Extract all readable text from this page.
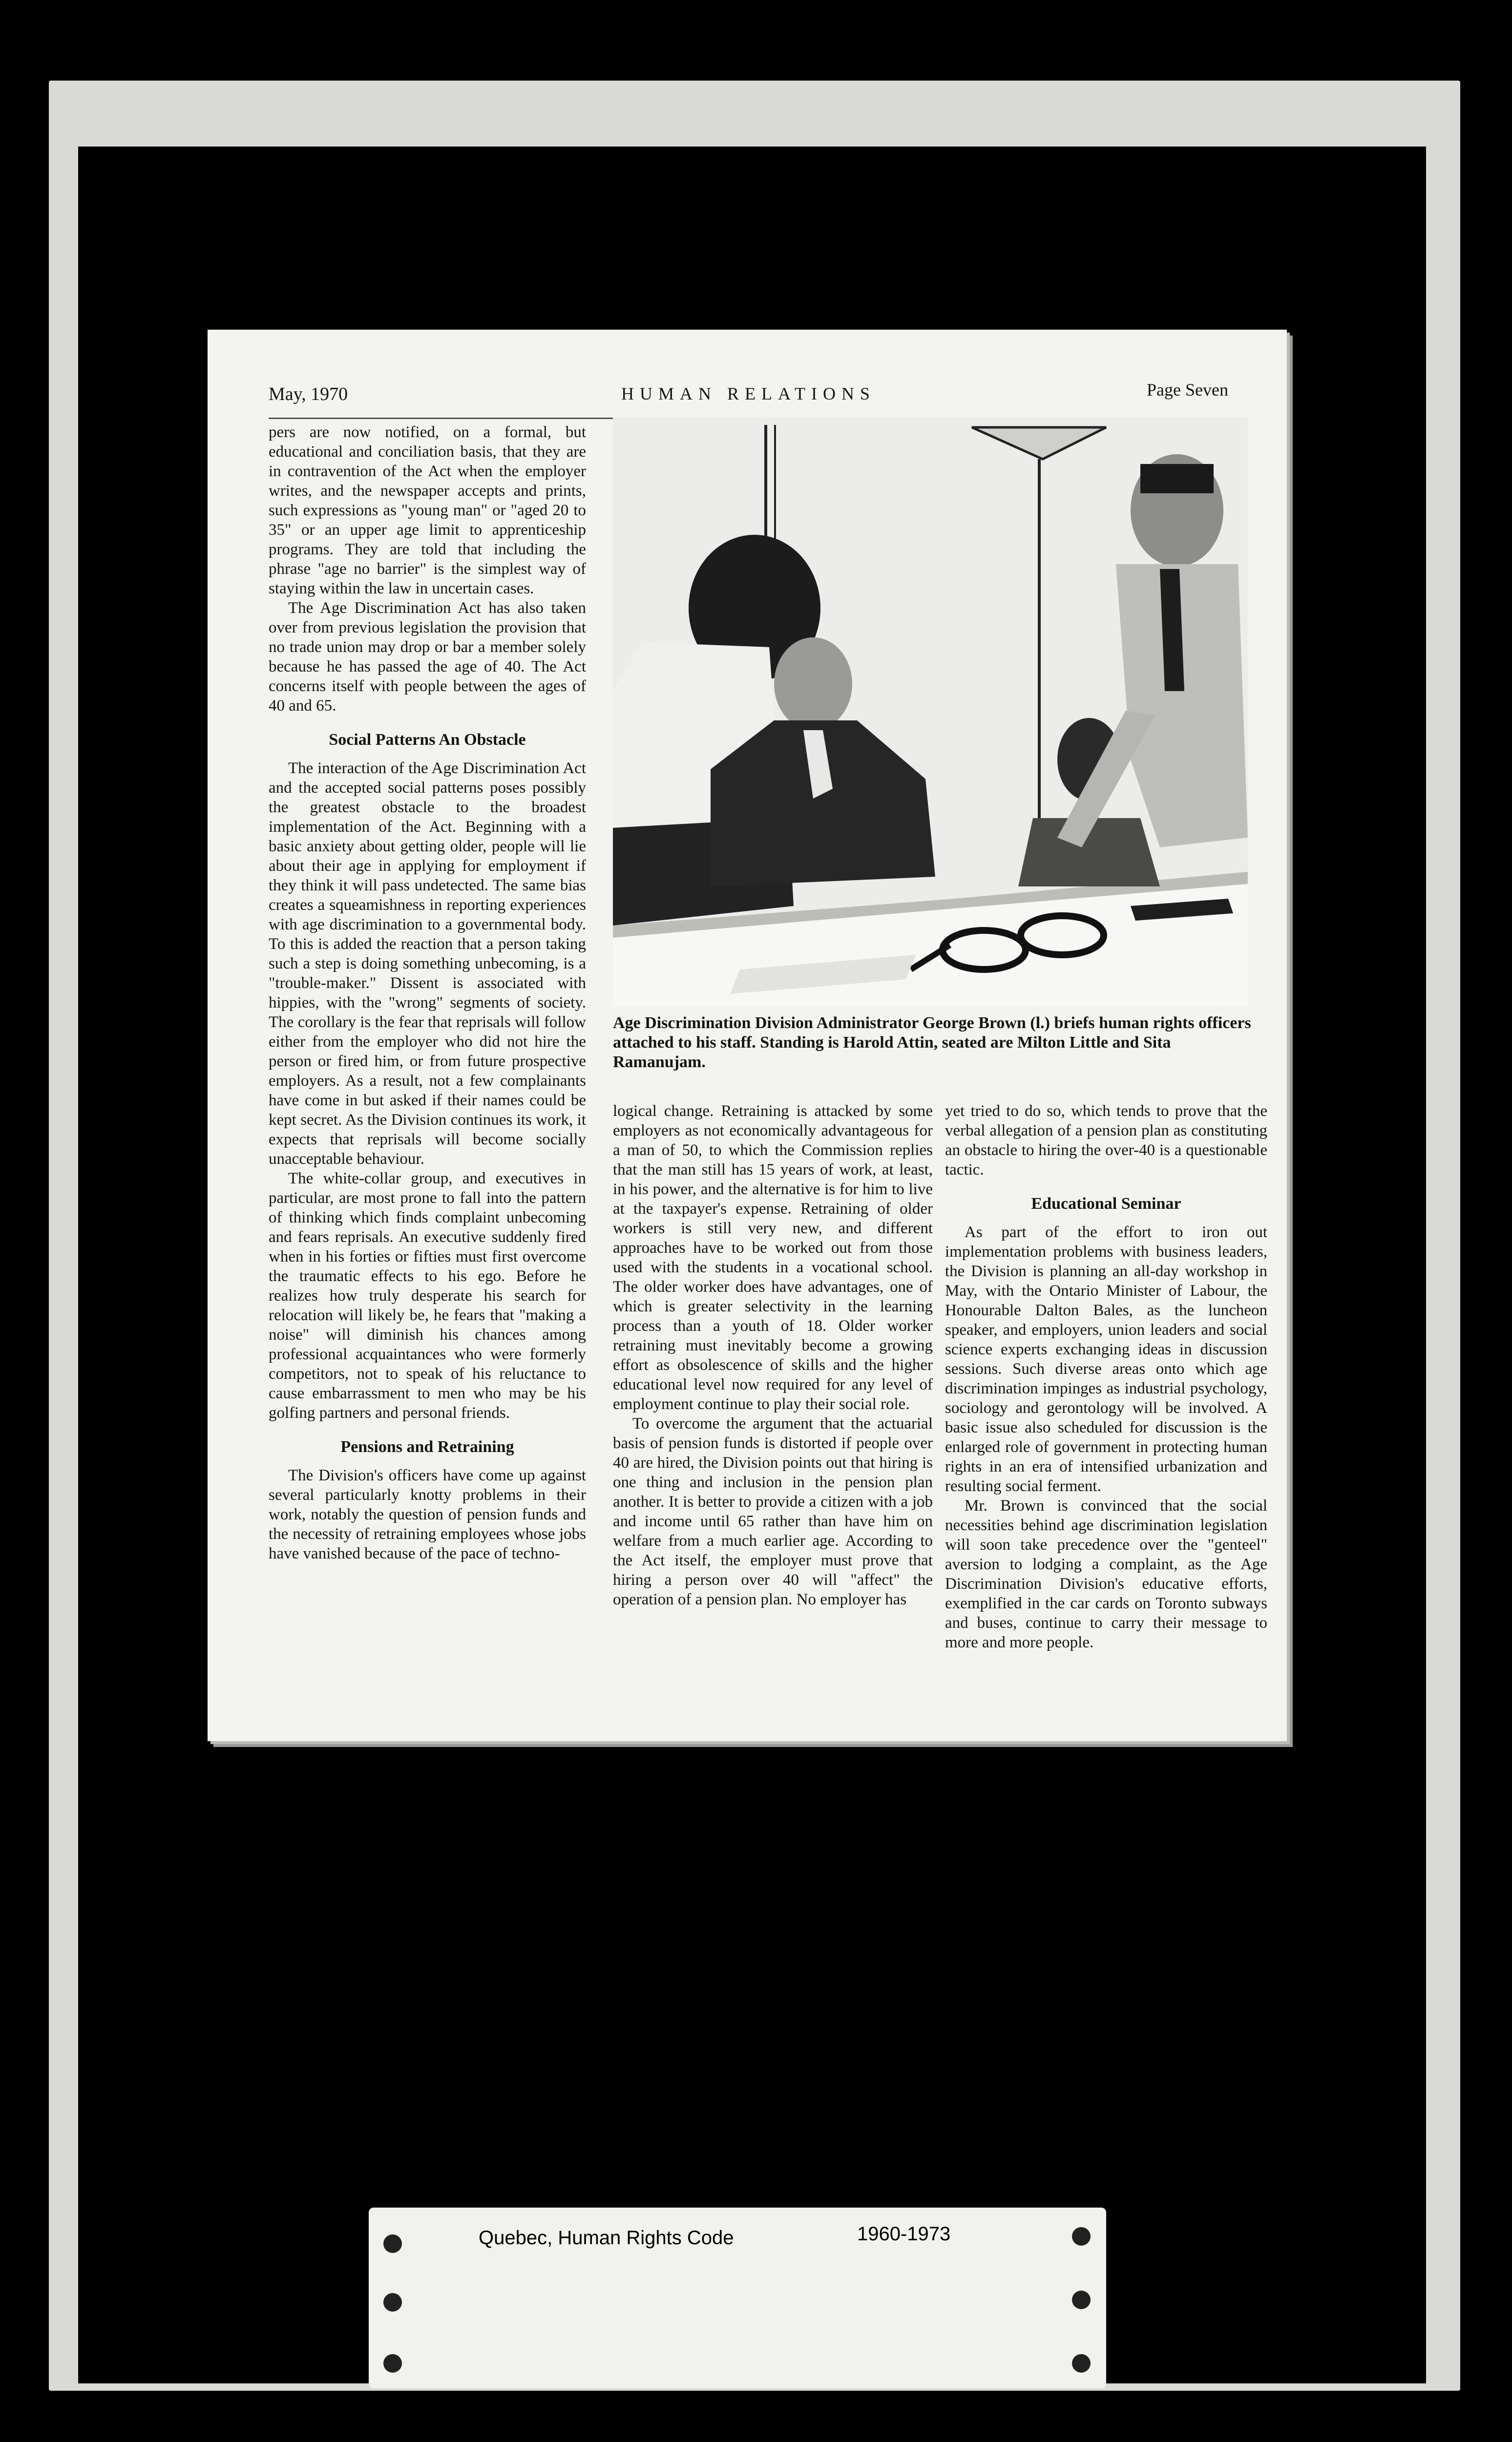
May, 1970	HUMAN RELATIONS	Page Seven

pers are now notified, on a formal, but educational and conciliation basis, that they are in contravention of the Act when the employer writes, and the newspaper accepts and prints, such expressions as "young man" or "aged 20 to 35" or an upper age limit to apprenticeship programs. They are told that including the phrase "age no barrier" is the simplest way of staying within the law in uncertain cases.

The Age Discrimination Act has also taken over from previous legislation the provision that no trade union may drop or bar a member solely because he has passed the age of 40. The Act concerns itself with people between the ages of 40 and 65.

Social Patterns An Obstacle

The interaction of the Age Discrimination Act and the accepted social patterns poses possibly the greatest obstacle to the broadest implementation of the Act. Beginning with a basic anxiety about getting older, people will lie about their age in applying for employment if they think it will pass undetected. The same bias creates a squeamishness in reporting experiences with age discrimination to a governmental body. To this is added the reaction that a person taking such a step is doing something unbecoming, is a "trouble-maker." Dissent is associated with hippies, with the "wrong" segments of society. The corollary is the fear that reprisals will follow either from the employer who did not hire the person or fired him, or from future prospective employers. As a result, not a few complainants have come in but asked if their names could be kept secret. As the Division continues its work, it expects that reprisals will become socially unacceptable behaviour.

The white-collar group, and executives in particular, are most prone to fall into the pattern of thinking which finds complaint unbecoming and fears reprisals. An executive suddenly fired when in his forties or fifties must first overcome the traumatic effects to his ego. Before he realizes how truly desperate his search for relocation will likely be, he fears that "making a noise" will diminish his chances among professional acquaintances who were formerly competitors, not to speak of his reluctance to cause embarrassment to men who may be his golfing partners and personal friends.

Pensions and Retraining

The Division's officers have come up against several particularly knotty problems in their work, notably the question of pension funds and the necessity of retraining employees whose jobs have vanished because of the pace of techno-

Age Discrimination Division Administrator George Brown (l.) briefs human rights officers attached to his staff. Standing is Harold Attin, seated are Milton Little and Sita Ramanujam.

logical change. Retraining is attacked by some employers as not economically advantageous for a man of 50, to which the Commission replies that the man still has 15 years of work, at least, in his power, and the alternative is for him to live at the taxpayer's expense. Retraining of older workers is still very new, and different approaches have to be worked out from those used with the students in a vocational school. The older worker does have advantages, one of which is greater selectivity in the learning process than a youth of 18. Older worker retraining must inevitably become a growing effort as obsolescence of skills and the higher educational level now required for any level of employment continue to play their social role.

To overcome the argument that the actuarial basis of pension funds is distorted if people over 40 are hired, the Division points out that hiring is one thing and inclusion in the pension plan another. It is better to provide a citizen with a job and income until 65 rather than have him on welfare from a much earlier age. According to the Act itself, the employer must prove that hiring a person over 40 will "affect" the operation of a pension plan. No employer has

yet tried to do so, which tends to prove that the verbal allegation of a pension plan as constituting an obstacle to hiring the over-40 is a questionable tactic.

Educational Seminar

As part of the effort to iron out implementation problems with business leaders, the Division is planning an all-day workshop in May, with the Ontario Minister of Labour, the Honourable Dalton Bales, as the luncheon speaker, and employers, union leaders and social science experts exchanging ideas in discussion sessions. Such diverse areas onto which age discrimination impinges as industrial psychology, sociology and gerontology will be involved. A basic issue also scheduled for discussion is the enlarged role of government in protecting human rights in an era of intensified urbanization and resulting social ferment.

Mr. Brown is convinced that the social necessities behind age discrimination legislation will soon take precedence over the "genteel" aversion to lodging a complaint, as the Age Discrimination Division's educative efforts, exemplified in the car cards on Toronto subways and buses, continue to carry their message to more and more people.

Quebec, Human Rights Code	1960-1973
